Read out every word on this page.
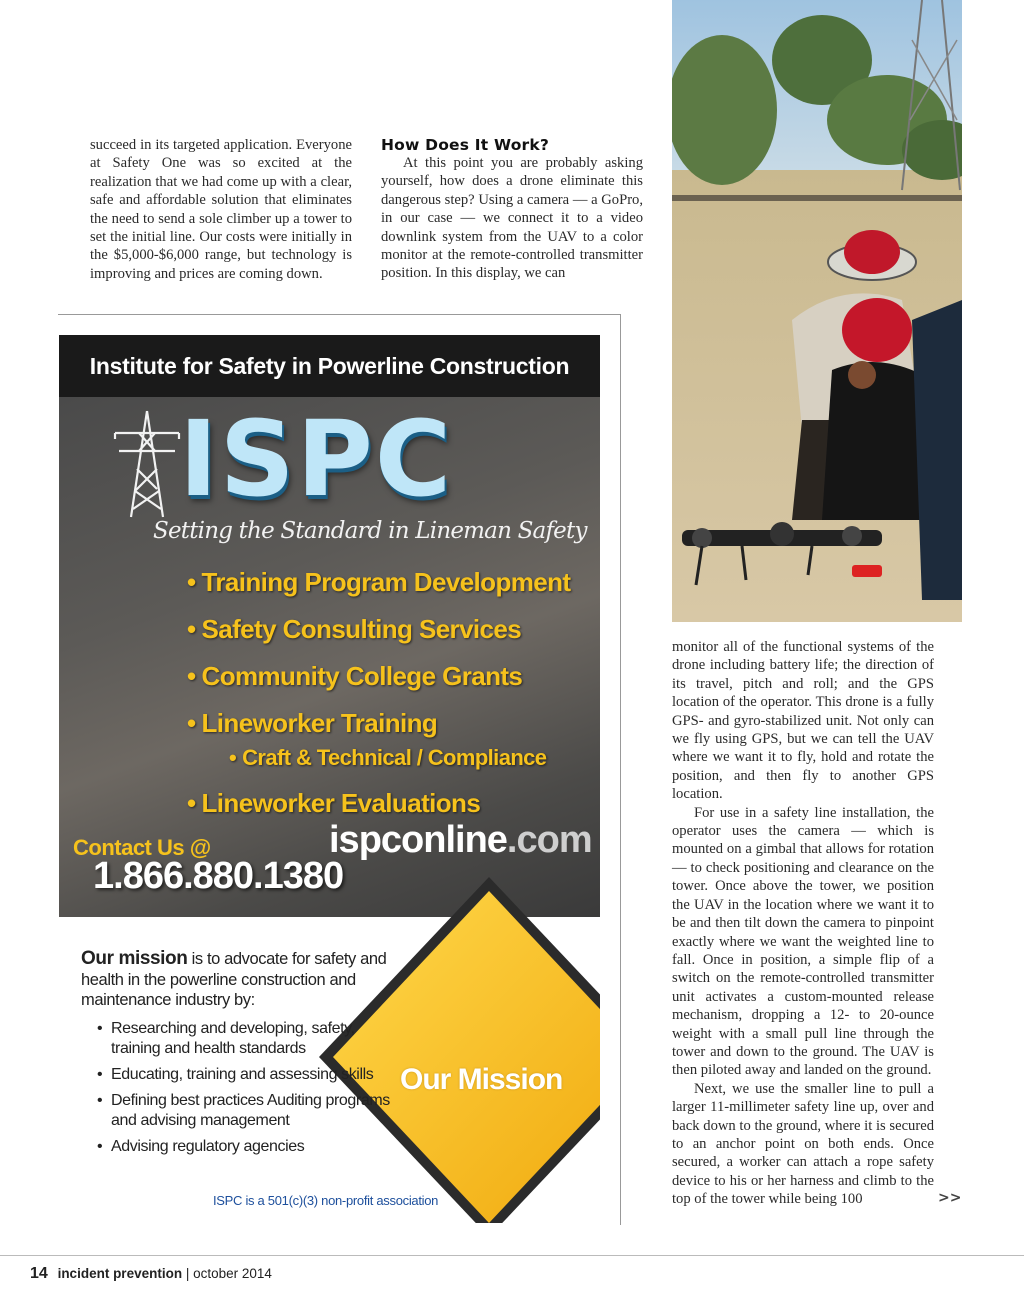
succeed in its targeted application. Everyone at Safety One was so excited at the realization that we had come up with a clear, safe and affordable solution that eliminates the need to send a sole climber up a tower to set the initial line. Our costs were initially in the $5,000-$6,000 range, but technology is improving and prices are coming down.

How Does It Work?

At this point you are probably asking yourself, how does a drone eliminate this dangerous step? Using a camera — a GoPro, in our case — we connect it to a video downlink system from the UAV to a color monitor at the remote-controlled transmitter position. In this display, we can

monitor all of the functional systems of the drone including battery life; the direction of its travel, pitch and roll; and the GPS location of the operator. This drone is a fully GPS- and gyro-stabilized unit. Not only can we fly using GPS, but we can tell the UAV where we want it to fly, hold and rotate the position, and then fly to another GPS location.

For use in a safety line installation, the operator uses the camera — which is mounted on a gimbal that allows for rotation — to check positioning and clearance on the tower. Once above the tower, we position the UAV in the location where we want it to be and then tilt down the camera to pinpoint exactly where we want the weighted line to fall. Once in position, a simple flip of a switch on the remote-controlled transmitter unit activates a custom-mounted release mechanism, dropping a 12- to 20-ounce weight with a small pull line through the tower and down to the ground. The UAV is then piloted away and landed on the ground.

Next, we use the smaller line to pull a larger 11-millimeter safety line up, over and back down to the ground, where it is secured to an anchor point on both ends. Once secured, a worker can attach a rope safety device to his or her harness and climb to the top of the tower while being 100	>>
Institute for Safety in Powerline Construction
ISPC
Setting the Standard in Lineman Safety
• Training Program Development
• Safety Consulting Services
• Community College Grants
• Lineworker Training
• Craft & Technical / Compliance
• Lineworker Evaluations
ispconline.com
Contact Us @
1.866.880.1380
Our mission is to advocate for safety and health in the powerline construction and maintenance industry by:
• Researching and developing, safety, training and health standards
• Educating, training and assessing skills
• Defining best practices Auditing programs and advising management
• Advising regulatory agencies
Our Mission
ISPC is a 501(c)(3) non-profit association
14 incident prevention | october 2014
